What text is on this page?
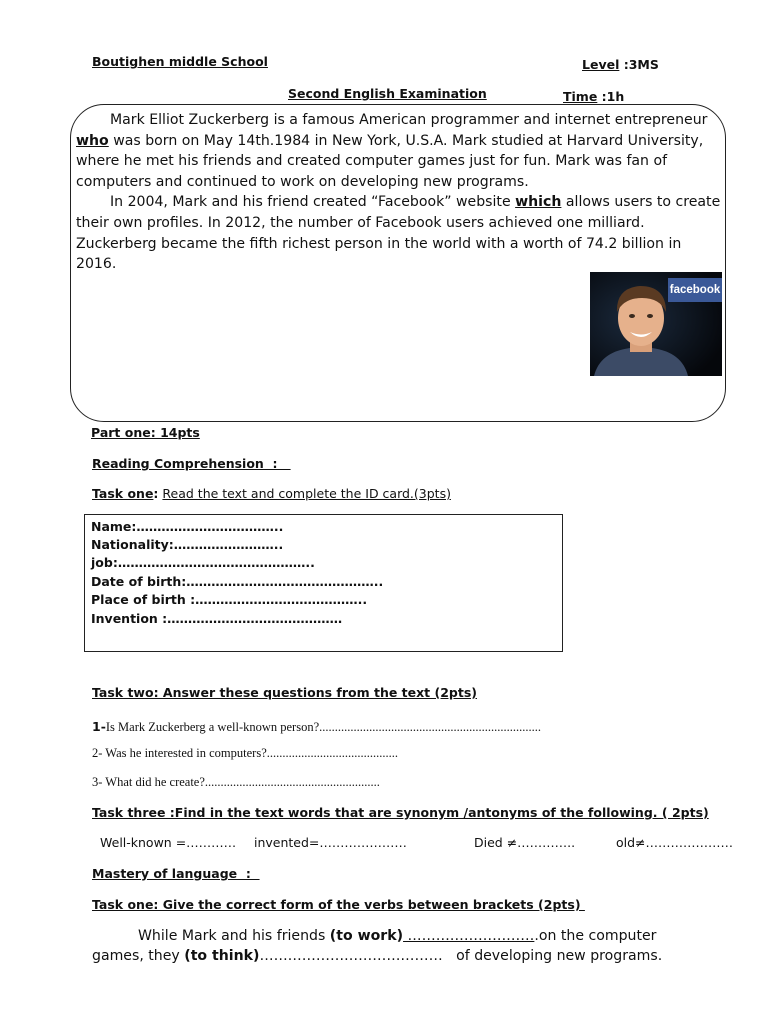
Boutighen middle School	Level :3MS
Second English Examination	Time :1h

Mark Elliot Zuckerberg is a famous American programmer and internet entrepreneur who was born on May 14th.1984 in New York, U.S.A. Mark studied at Harvard University, where he met his friends and created computer games just for fun. Mark was fan of computers and continued to work on developing new programs.

In 2004, Mark and his friend created “Facebook” website which allows users to create their own profiles. In 2012, the number of Facebook users achieved one milliard. Zuckerberg became the fifth richest person in the world with a worth of 74.2 billion in 2016.

facebook
Part one: 14pts
Reading Comprehension  :
Task one: Read the text and complete the ID card.(3pts)
Name:……………………………..
Nationality:……………………..
job:………………………………………..
Date of birth:………………………………………..
Place of birth :…………………………………..
Invention :……………………………………
Task two: Answer these questions from the text (2pts)
1-Is Mark Zuckerberg a well-known person?.......................................................................
2- Was he interested in computers?..........................................
3- What did he create?........................................................
Task three :Find in the text words that are synonym /antonyms of the following. ( 2pts)
Well-known =………… invented=…………………	Died ≠…………..	old≠…………………
Mastery of language  :
Task one: Give the correct form of the verbs between brackets (2pts)
While Mark and his friends (to work) ……………………….on the computer games, they (to think)…………………………………   of developing new programs.
